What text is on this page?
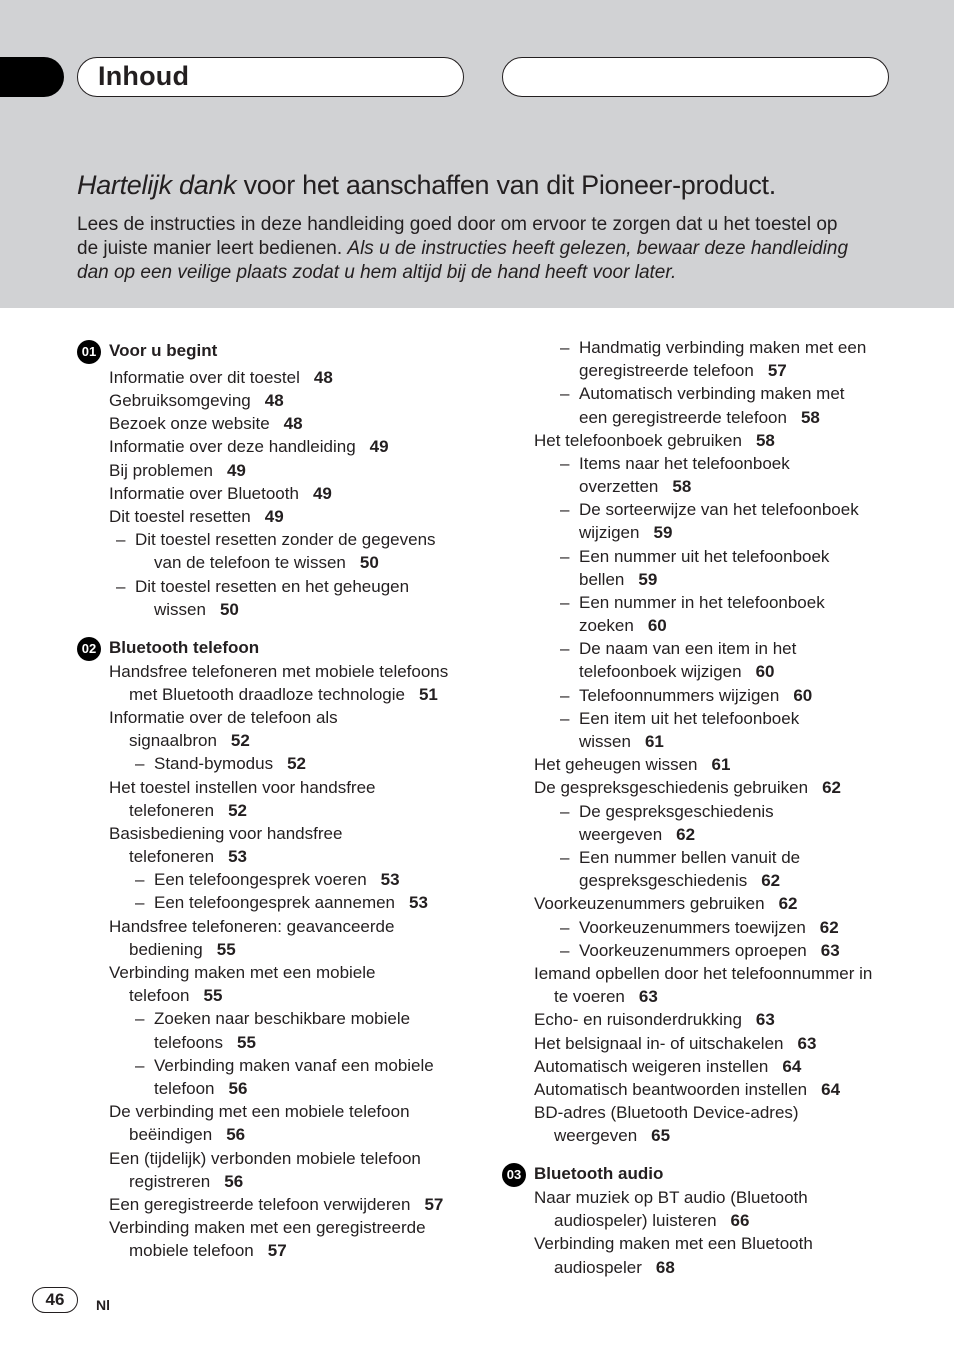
Inhoud
Hartelijk dank voor het aanschaffen van dit Pioneer-product.
Lees de instructies in deze handleiding goed door om ervoor te zorgen dat u het toestel op
de juiste manier leert bedienen. Als u de instructies heeft gelezen, bewaar deze handleiding
dan op een veilige plaats zodat u hem altijd bij de hand heeft voor later.
01 Voor u begint
Informatie over dit toestel 48
Gebruiksomgeving 48
Bezoek onze website 48
Informatie over deze handleiding 49
Bij problemen 49
Informatie over Bluetooth 49
Dit toestel resetten 49
– Dit toestel resetten zonder de gegevens
van de telefoon te wissen 50
– Dit toestel resetten en het geheugen
wissen 50
02 Bluetooth telefoon
Handsfree telefoneren met mobiele telefoons
met Bluetooth draadloze technologie 51
Informatie over de telefoon als
signaalbron 52
– Stand-bymodus 52
Het toestel instellen voor handsfree
telefoneren 52
Basisbediening voor handsfree
telefoneren 53
– Een telefoongesprek voeren 53
– Een telefoongesprek aannemen 53
Handsfree telefoneren: geavanceerde
bediening 55
Verbinding maken met een mobiele
telefoon 55
– Zoeken naar beschikbare mobiele
telefoons 55
– Verbinding maken vanaf een mobiele
telefoon 56
De verbinding met een mobiele telefoon
beëindigen 56
Een (tijdelijk) verbonden mobiele telefoon
registreren 56
Een geregistreerde telefoon verwijderen 57
Verbinding maken met een geregistreerde
mobiele telefoon 57
– Handmatig verbinding maken met een
geregistreerde telefoon 57
– Automatisch verbinding maken met
een geregistreerde telefoon 58
Het telefoonboek gebruiken 58
– Items naar het telefoonboek
overzetten 58
– De sorteerwijze van het telefoonboek
wijzigen 59
– Een nummer uit het telefoonboek
bellen 59
– Een nummer in het telefoonboek
zoeken 60
– De naam van een item in het
telefoonboek wijzigen 60
– Telefoonnummers wijzigen 60
– Een item uit het telefoonboek
wissen 61
Het geheugen wissen 61
De gespreksgeschiedenis gebruiken 62
– De gespreksgeschiedenis
weergeven 62
– Een nummer bellen vanuit de
gespreksgeschiedenis 62
Voorkeuzenummers gebruiken 62
– Voorkeuzenummers toewijzen 62
– Voorkeuzenummers oproepen 63
Iemand opbellen door het telefoonnummer in
te voeren 63
Echo- en ruisonderdrukking 63
Het belsignaal in- of uitschakelen 63
Automatisch weigeren instellen 64
Automatisch beantwoorden instellen 64
BD-adres (Bluetooth Device-adres)
weergeven 65
03 Bluetooth audio
Naar muziek op BT audio (Bluetooth
audiospeler) luisteren 66
Verbinding maken met een Bluetooth
audiospeler 68
46	Nl
